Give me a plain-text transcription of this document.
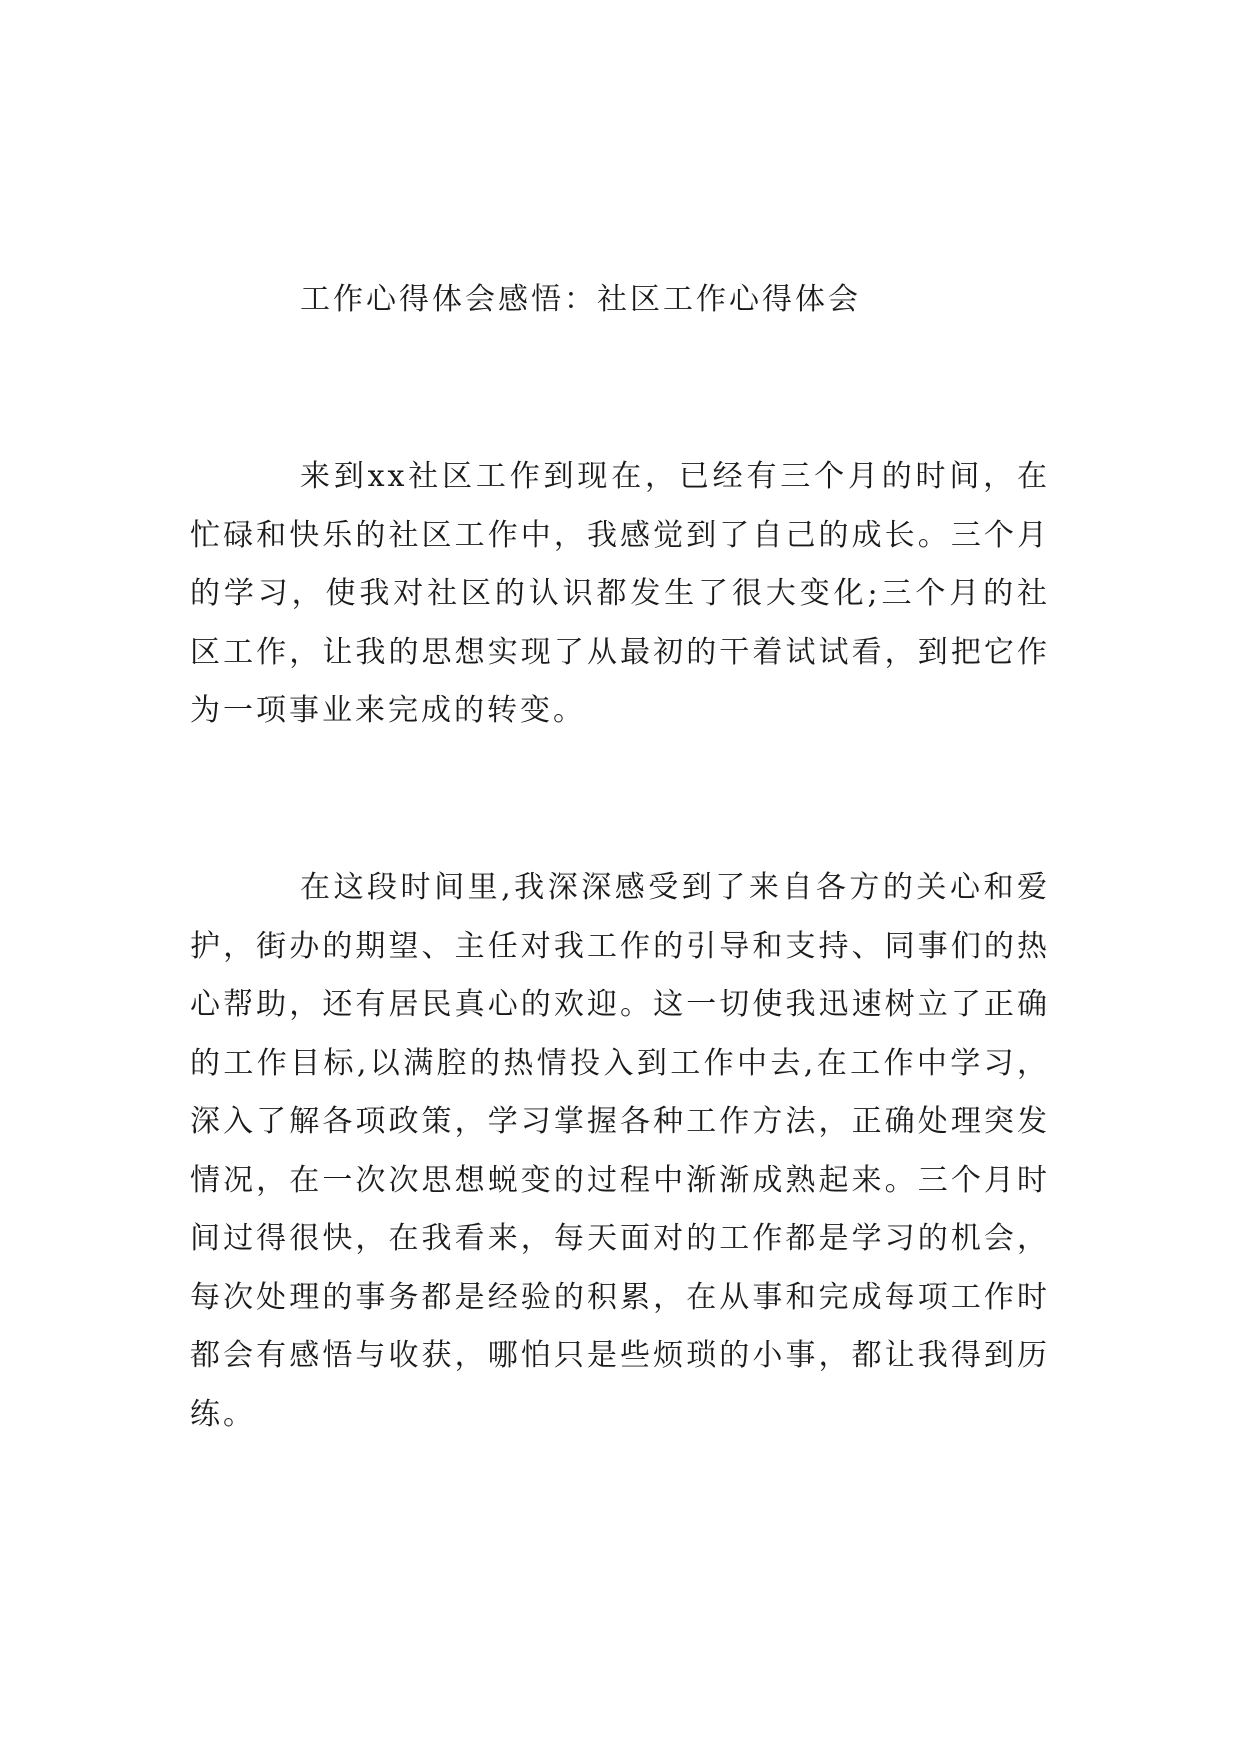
工作心得体会感悟：社区工作心得体会

来到xx社区工作到现在，已经有三个月的时间，在忙碌和快乐的社区工作中，我感觉到了自己的成长。三个月的学习，使我对社区的认识都发生了很大变化;三个月的社区工作，让我的思想实现了从最初的干着试试看，到把它作为一项事业来完成的转变。

在这段时间里,我深深感受到了来自各方的关心和爱护，街办的期望、主任对我工作的引导和支持、同事们的热心帮助，还有居民真心的欢迎。这一切使我迅速树立了正确的工作目标,以满腔的热情投入到工作中去,在工作中学习，深入了解各项政策，学习掌握各种工作方法，正确处理突发情况，在一次次思想蜕变的过程中渐渐成熟起来。三个月时间过得很快，在我看来，每天面对的工作都是学习的机会，每次处理的事务都是经验的积累，在从事和完成每项工作时都会有感悟与收获，哪怕只是些烦琐的小事，都让我得到历练。
